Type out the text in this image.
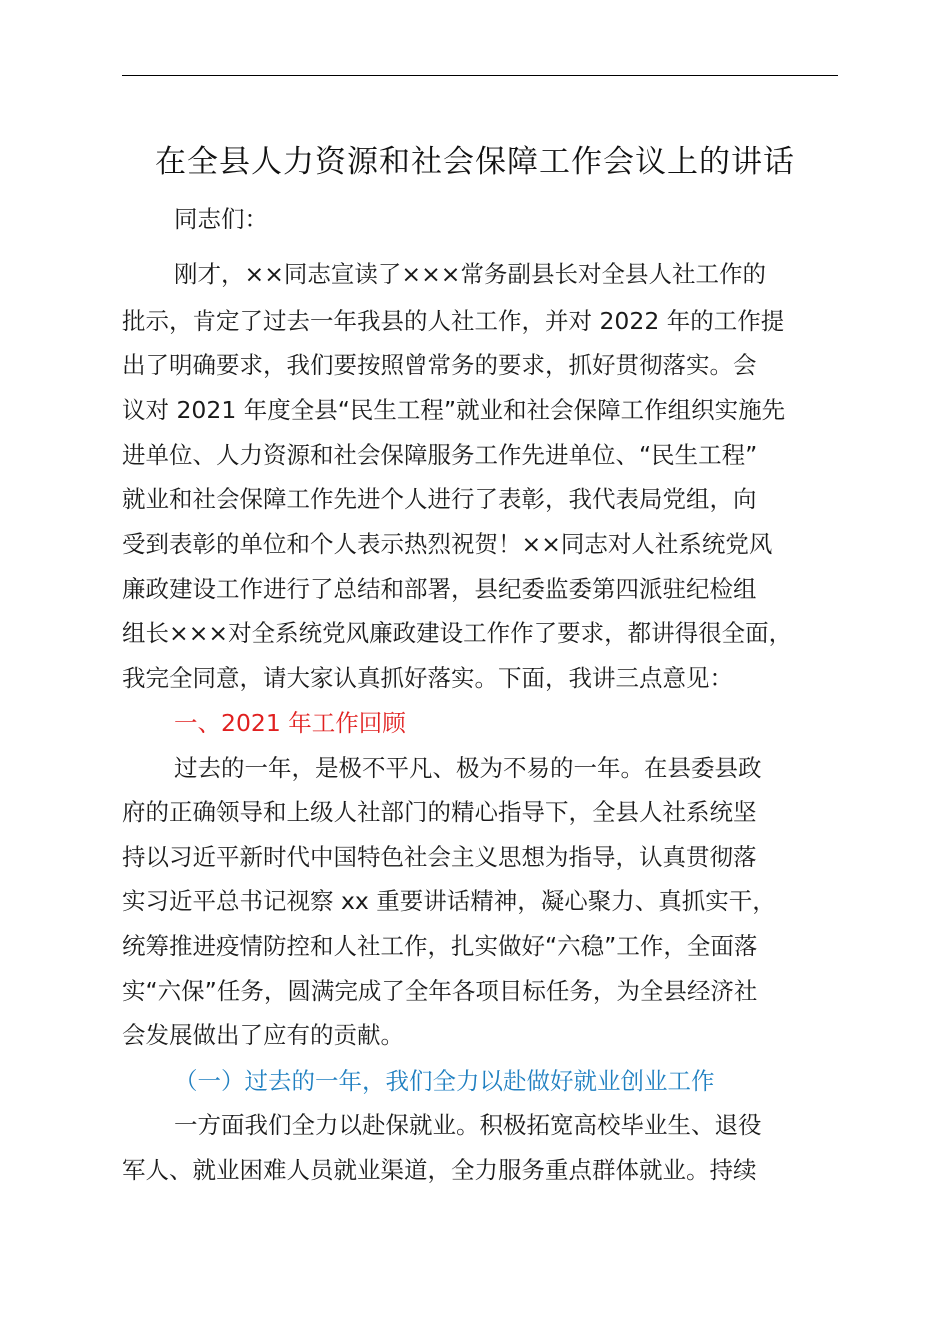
在全县人力资源和社会保障工作会议上的讲话
同志们：
刚才，××同志宣读了×××常务副县长对全县人社工作的
批示，肯定了过去一年我县的人社工作，并对 2022 年的工作提
出了明确要求，我们要按照曾常务的要求，抓好贯彻落实。会
议对 2021 年度全县“民生工程”就业和社会保障工作组织实施先
进单位、人力资源和社会保障服务工作先进单位、“民生工程”
就业和社会保障工作先进个人进行了表彰，我代表局党组，向
受到表彰的单位和个人表示热烈祝贺！××同志对人社系统党风
廉政建设工作进行了总结和部署，县纪委监委第四派驻纪检组
组长×××对全系统党风廉政建设工作作了要求，都讲得很全面，
我完全同意，请大家认真抓好落实。下面，我讲三点意见：
一、2021 年工作回顾
过去的一年，是极不平凡、极为不易的一年。在县委县政
府的正确领导和上级人社部门的精心指导下，全县人社系统坚
持以习近平新时代中国特色社会主义思想为指导，认真贯彻落
实习近平总书记视察 xx 重要讲话精神，凝心聚力、真抓实干，
统筹推进疫情防控和人社工作，扎实做好“六稳”工作，全面落
实“六保”任务，圆满完成了全年各项目标任务，为全县经济社
会发展做出了应有的贡献。
（一）过去的一年，我们全力以赴做好就业创业工作
一方面我们全力以赴保就业。积极拓宽高校毕业生、退役
军人、就业困难人员就业渠道，全力服务重点群体就业。持续
